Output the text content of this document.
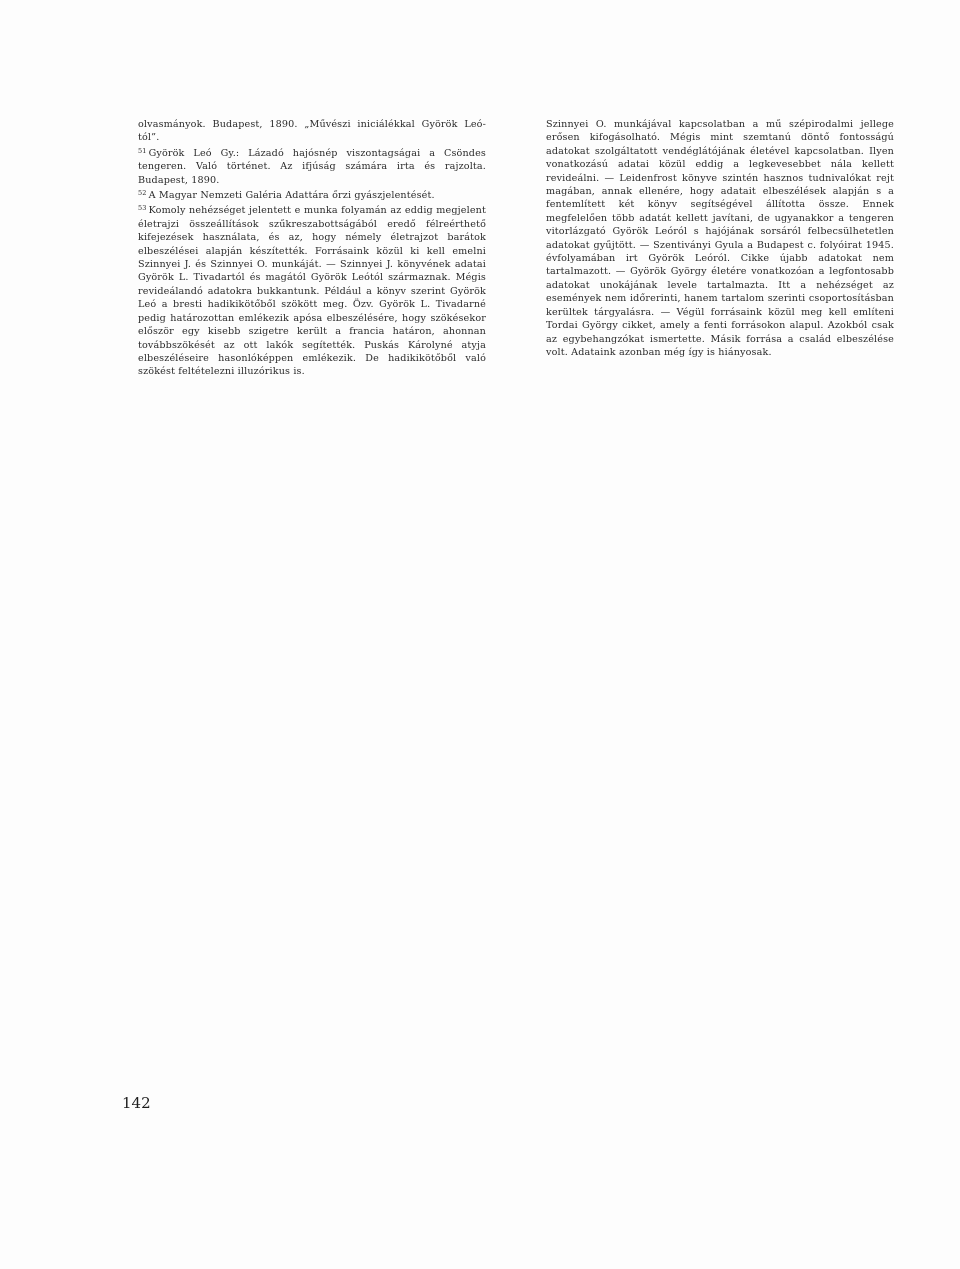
olvasmányok. Budapest, 1890. „Művészi iniciálékkal Györök Leó-tól”.

$^{51}$ Györök Leó Gy.: Lázadó hajósnép viszontagságai a Csöndes tengeren. Való történet. Az ifjúság számára irta és rajzolta. Budapest, 1890.

$^{52}$ A Magyar Nemzeti Galéria Adattára őrzi gyászjelentését.

$^{53}$ Komoly nehézséget jelentett e munka folyamán az eddig megjelent életrajzi összeállítások szűkreszabottságából eredő félreérthető kifejezések használata, és az, hogy némely életrajzot barátok elbeszélései alapján készítették. Forrásaink közül ki kell emelni Szinnyei J. és Szinnyei O. munkáját. — Szinnyei J. könyvének adatai Györök L. Tivadartól és magától Györök Leótól származnak. Mégis revideálandó adatokra bukkantunk. Például a könyv szerint Györök Leó a bresti hadikikötőből szökött meg. Özv. Györök L. Tivadarné pedig határozottan emlékezik apósa elbeszélésére, hogy szökésekor először egy kisebb szigetre került a francia határon, ahonnan továbbszökését az ott lakók segítették. Puskás Károlyné atyja elbeszéléseire hasonlóképpen emlékezik. De hadikikötőből való szökést feltételezni illuzórikus is.

Szinnyei O. munkájával kapcsolatban a mű szépirodalmi jellege erősen kifogásolható. Mégis mint szemtanú döntő fontosságú adatokat szolgáltatott vendéglátójának életével kapcsolatban. Ilyen vonatkozású adatai közül eddig a legkevesebbet nála kellett revideálni. — Leidenfrost könyve szintén hasznos tudnivalókat rejt magában, annak ellenére, hogy adatait elbeszélések alapján s a fentemlített két könyv segítségével állította össze. Ennek megfelelően több adatát kellett javítani, de ugyanakkor a tengeren vitorlázgató Györök Leóról s hajójának sorsáról felbecsülhetetlen adatokat gyűjtött. — Szentiványi Gyula a Budapest c. folyóirat 1945. évfolyamában irt Györök Leóról. Cikke újabb adatokat nem tartalmazott. — Györök György életére vonatkozóan a legfontosabb adatokat unokájának levele tartalmazta. Itt a nehézséget az események nem időrerinti, hanem tartalom szerinti csoportosításban kerültek tárgyalásra. — Végül forrásaink közül meg kell említeni Tordai György cikket, amely a fenti forrásokon alapul. Azokból csak az egybehangzókat ismertette. Másik forrása a család elbeszélése volt. Adataink azonban még így is hiányosak.

142
